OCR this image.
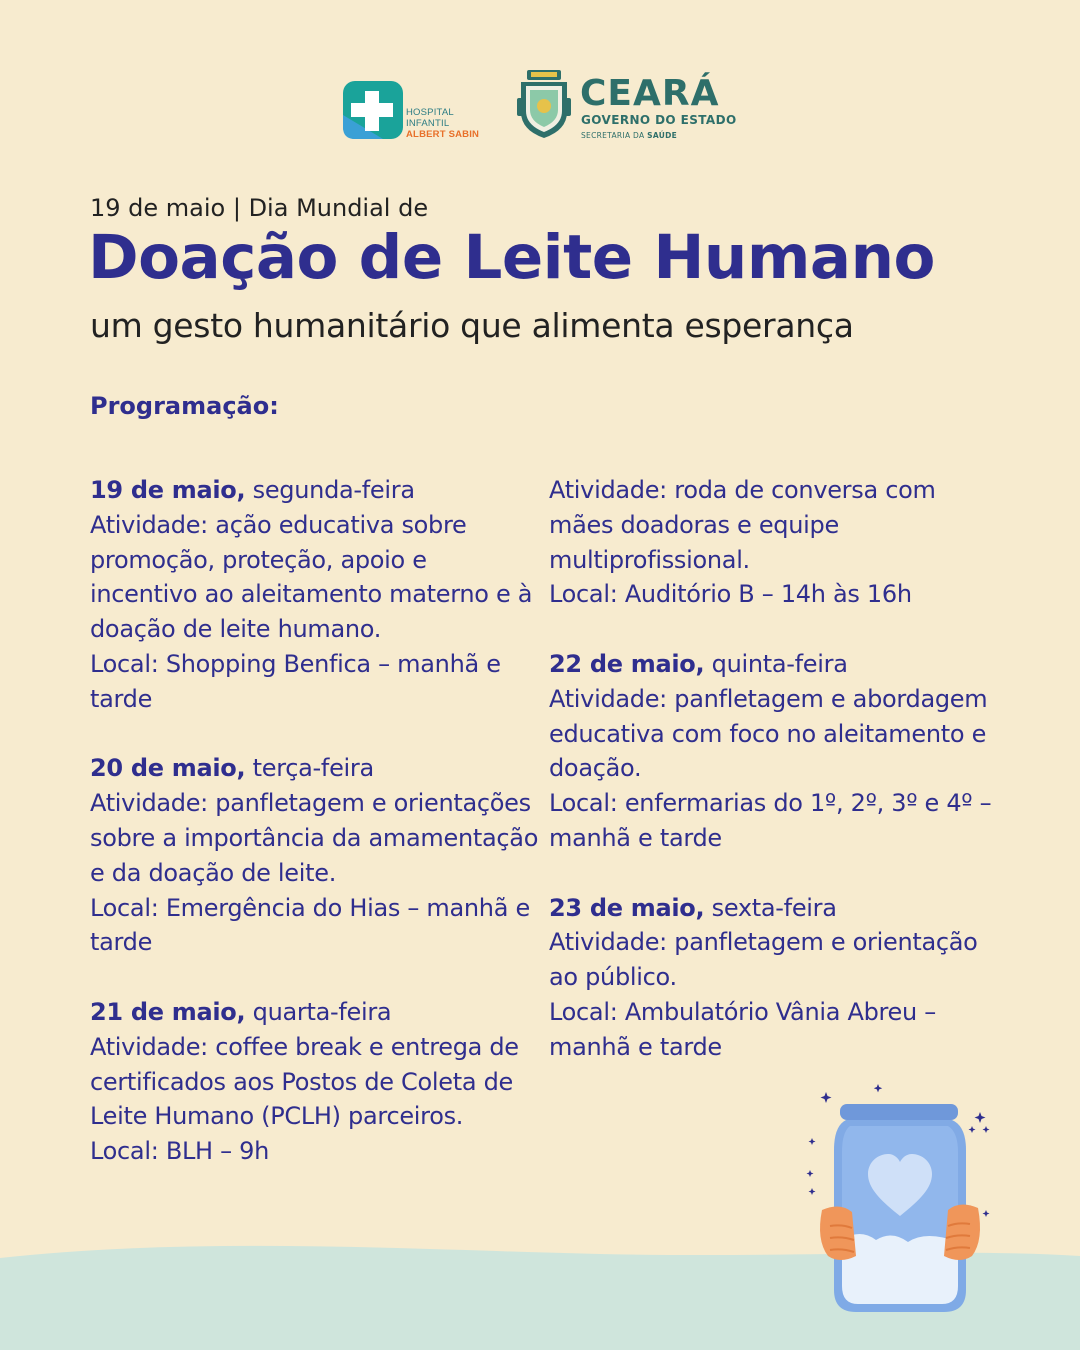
HOSPITAL
INFANTIL
ALBERT SABIN
CEARÁ
GOVERNO DO ESTADO
SECRETARIA DA SAÚDE
19 de maio | Dia Mundial de
Doação de Leite Humano
um gesto humanitário que alimenta esperança
Programação:

19 de maio, segunda-feira

Atividade: ação educativa sobre promoção, proteção, apoio e incentivo ao aleitamento materno e à doação de leite humano.

Local: Shopping Benfica – manhã e tarde

20 de maio, terça-feira

Atividade: panfletagem e orientações sobre a importância da amamentação e da doação de leite.

Local: Emergência do Hias – manhã e tarde

21 de maio, quarta-feira

Atividade: coffee break e entrega de certificados aos Postos de Coleta de Leite Humano (PCLH) parceiros.

Local: BLH – 9h

Atividade: roda de conversa com mães doadoras e equipe multiprofissional.

Local: Auditório B – 14h às 16h

22 de maio, quinta-feira

Atividade: panfletagem e abordagem educativa com foco no aleitamento e doação.

Local: enfermarias do 1º, 2º, 3º e 4º – manhã e tarde

23 de maio, sexta-feira

Atividade: panfletagem e orientação ao público.

Local: Ambulatório Vânia Abreu – manhã e tarde
